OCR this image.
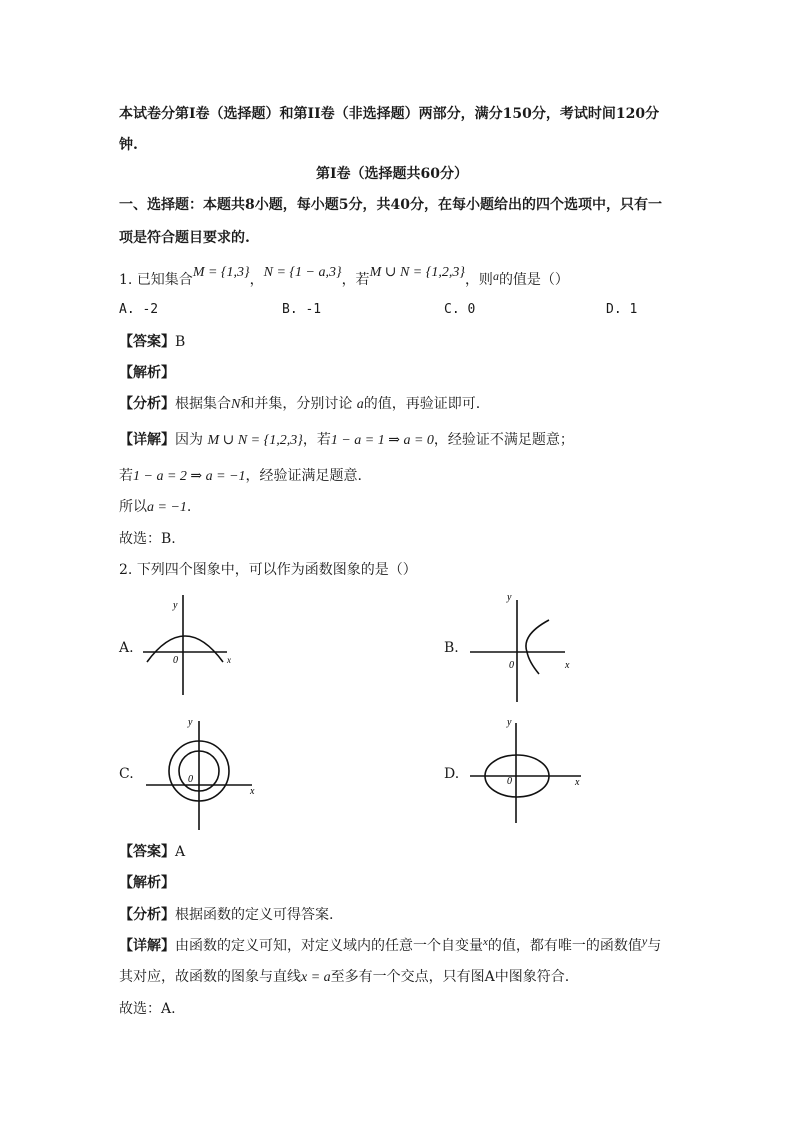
本试卷分第I卷（选择题）和第II卷（非选择题）两部分，满分150分，考试时间120分
钟.
第I卷（选择题共60分）
一、选择题：本题共8小题，每小题5分，共40分，在每小题给出的四个选项中，只有一
项是符合题目要求的.
1. 已知集合M = {1,3}，N = {1 − a,3}，若M ∪ N = {1,2,3}，则a的值是（）
A. -2	B. -1	C. 0	D. 1
【答案】B
【解析】
【分析】根据集合N和并集，分别讨论 a的值，再验证即可.
【详解】因为 M ∪ N = {1,2,3}，若1 − a = 1 ⇒ a = 0，经验证不满足题意；
若1 − a = 2 ⇒ a = −1，经验证满足题意.
所以a = −1.
故选：B.
2. 下列四个图象中，可以作为函数图象的是（）
A.
y
0	x
B.
y
0	x
C.
y
0
x
D.
y
0	x
【答案】A
【解析】
【分析】根据函数的定义可得答案.
【详解】由函数的定义可知，对定义域内的任意一个自变量$^x$的值，都有唯一的函数值y与
其对应，故函数的图象与直线x = a至多有一个交点，只有图A中图象符合.
故选：A.
